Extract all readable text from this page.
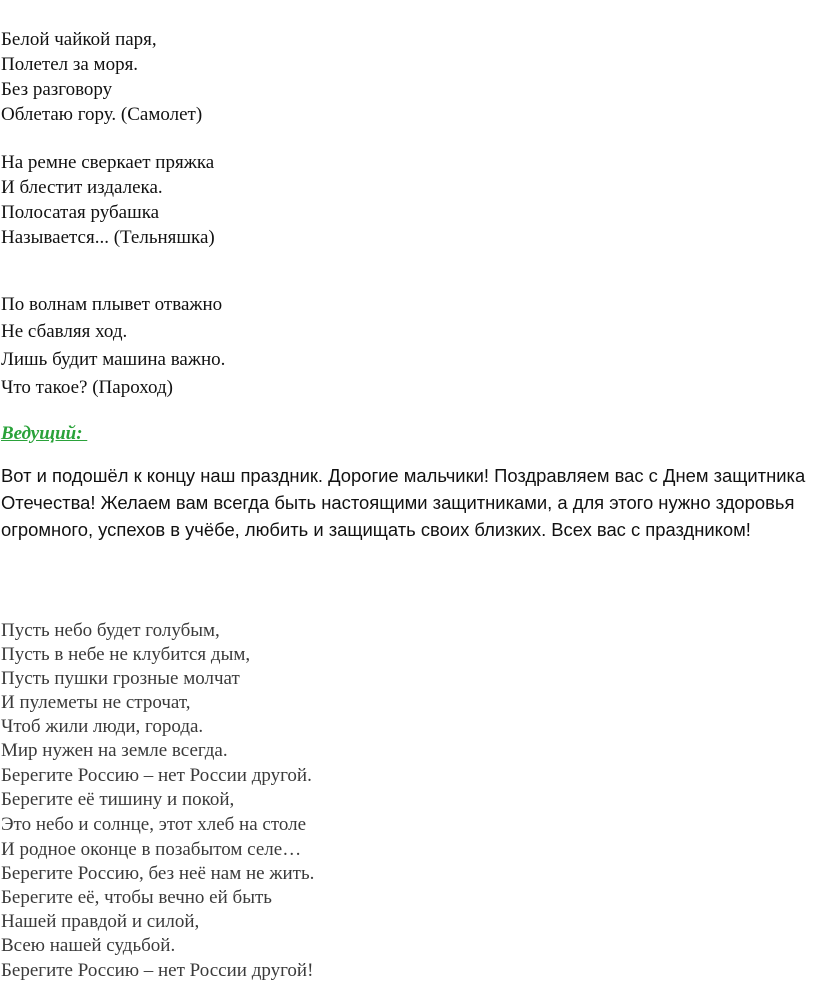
Белой чайкой паря,
Полетел за моря.
Без разговору
Облетаю гору. (Самолет)
На ремне сверкает пряжка
И блестит издалека.
Полосатая рубашка
Называется... (Тельняшка)
По волнам плывет отважно
Не сбавляя ход.
Лишь будит машина важно.
Что такое? (Пароход)
Ведущий:
Вот и подошёл к концу наш праздник. Дорогие мальчики! Поздравляем вас с Днем защитника Отечества! Желаем вам всегда быть настоящими защитниками, а для этого нужно здоровья огромного, успехов в учёбе, любить и защищать своих близких. Всех вас с праздником!
Пусть небо будет голубым,
Пусть в небе не клубится дым,
Пусть пушки грозные молчат
И пулеметы не строчат,
Чтоб жили люди, города.
Мир нужен на земле всегда.
Берегите Россию – нет России другой.
Берегите её тишину и покой,
Это небо и солнце, этот хлеб на столе
И родное оконце в позабытом селе…
Берегите Россию, без неё нам не жить.
Берегите её, чтобы вечно ей быть
Нашей правдой и силой,
Всею нашей судьбой.
Берегите Россию – нет России другой!
